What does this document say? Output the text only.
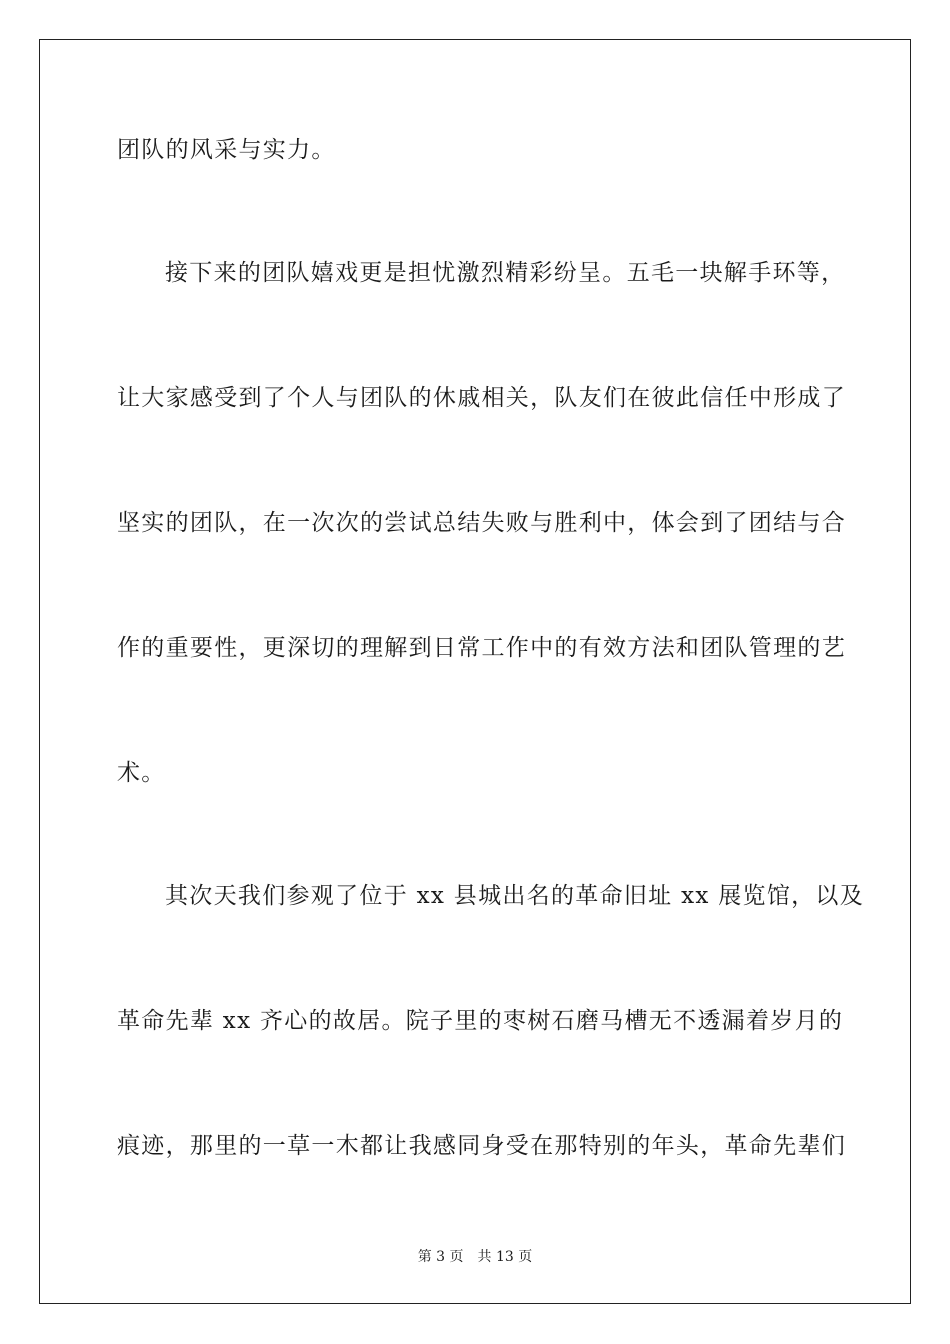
团队的风采与实力。
接下来的团队嬉戏更是担忧激烈精彩纷呈。五毛一块解手环等，
让大家感受到了个人与团队的休戚相关，队友们在彼此信任中形成了
坚实的团队，在一次次的尝试总结失败与胜利中，体会到了团结与合
作的重要性，更深切的理解到日常工作中的有效方法和团队管理的艺
术。
其次天我们参观了位于 xx 县城出名的革命旧址 xx 展览馆，以及
革命先辈 xx 齐心的故居。院子里的枣树石磨马槽无不透漏着岁月的
痕迹，那里的一草一木都让我感同身受在那特别的年头，革命先辈们
第 3 页 共 13 页
